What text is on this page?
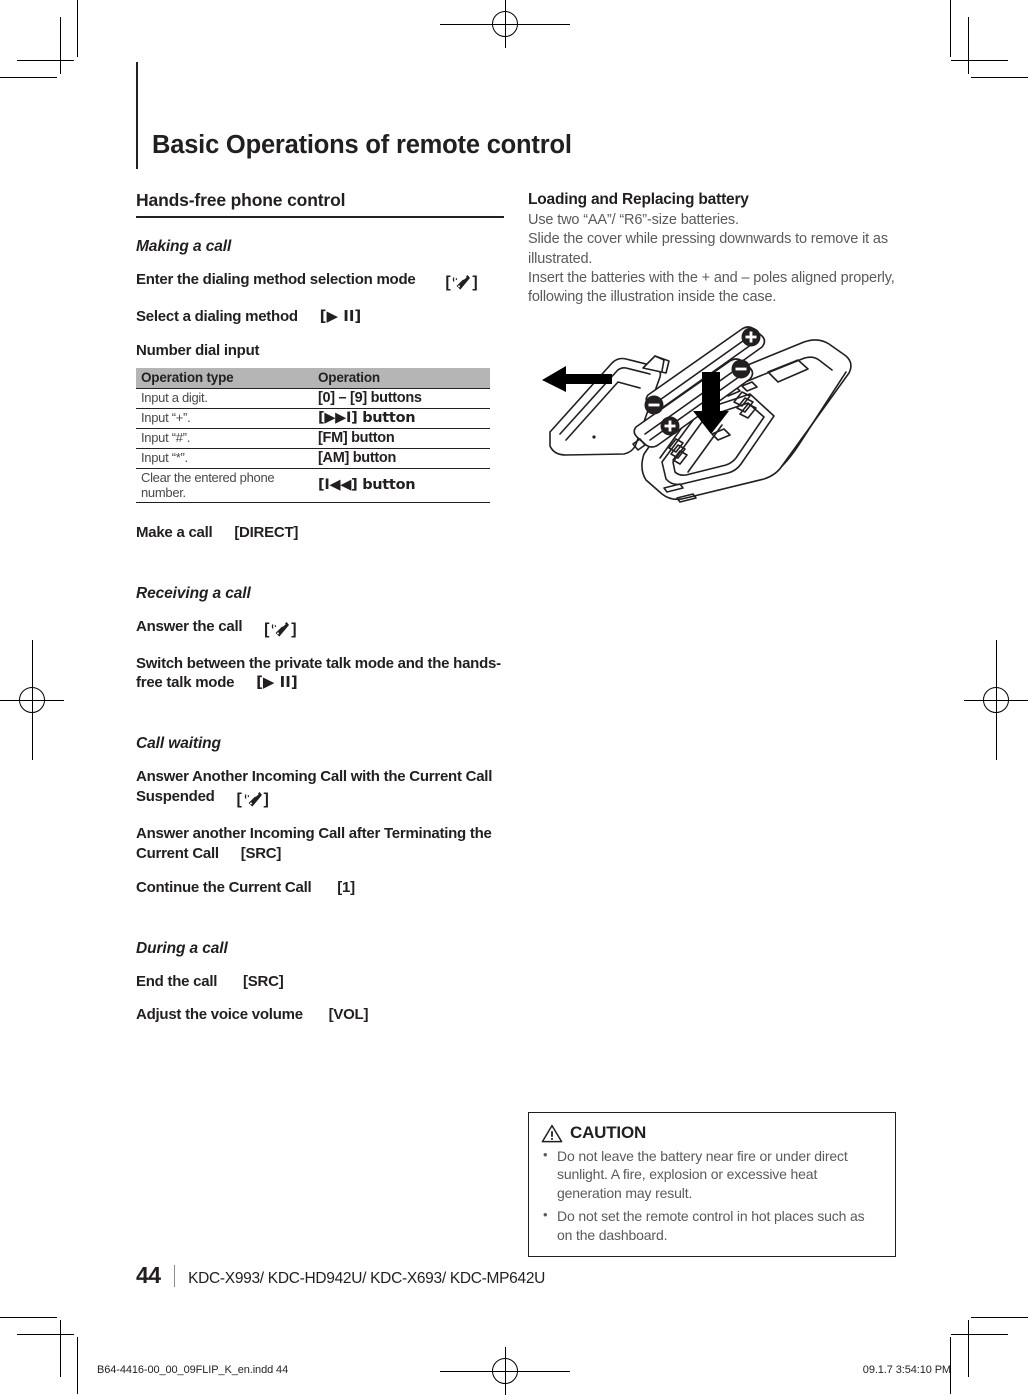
Basic Operations of remote control
Hands-free phone control
Making a call
Enter the dialing method selection mode [ ]
Select a dialing method [▶ II]
Number dial input
Operation type	Operation
Input a digit.	[0] – [9] buttons
Input “+”.	[▶▶I] button
Input “#”.	[FM] button
Input “*”.	[AM] button
Clear the entered phone number.	[I◀◀] button
Make a call [DIRECT]
Receiving a call
Answer the call [ ]
Switch between the private talk mode and the hands-free talk mode [▶ II]
Call waiting
Answer Another Incoming Call with the Current Call Suspended [ ]
Answer another Incoming Call after Terminating the Current Call [SRC]
Continue the Current Call [1]
During a call
End the call [SRC]
Adjust the voice volume [VOL]
Loading and Replacing battery
Use two “AA”/ “R6”-size batteries.
Slide the cover while pressing downwards to remove it as illustrated.
Insert the batteries with the + and – poles aligned properly, following the illustration inside the case.
CAUTION
• Do not leave the battery near fire or under direct sunlight. A fire, explosion or excessive heat generation may result.
• Do not set the remote control in hot places such as on the dashboard.
44 KDC-X993/ KDC-HD942U/ KDC-X693/ KDC-MP642U
B64-4416-00_00_09FLIP_K_en.indd 44	09.1.7 3:54:10 PM
